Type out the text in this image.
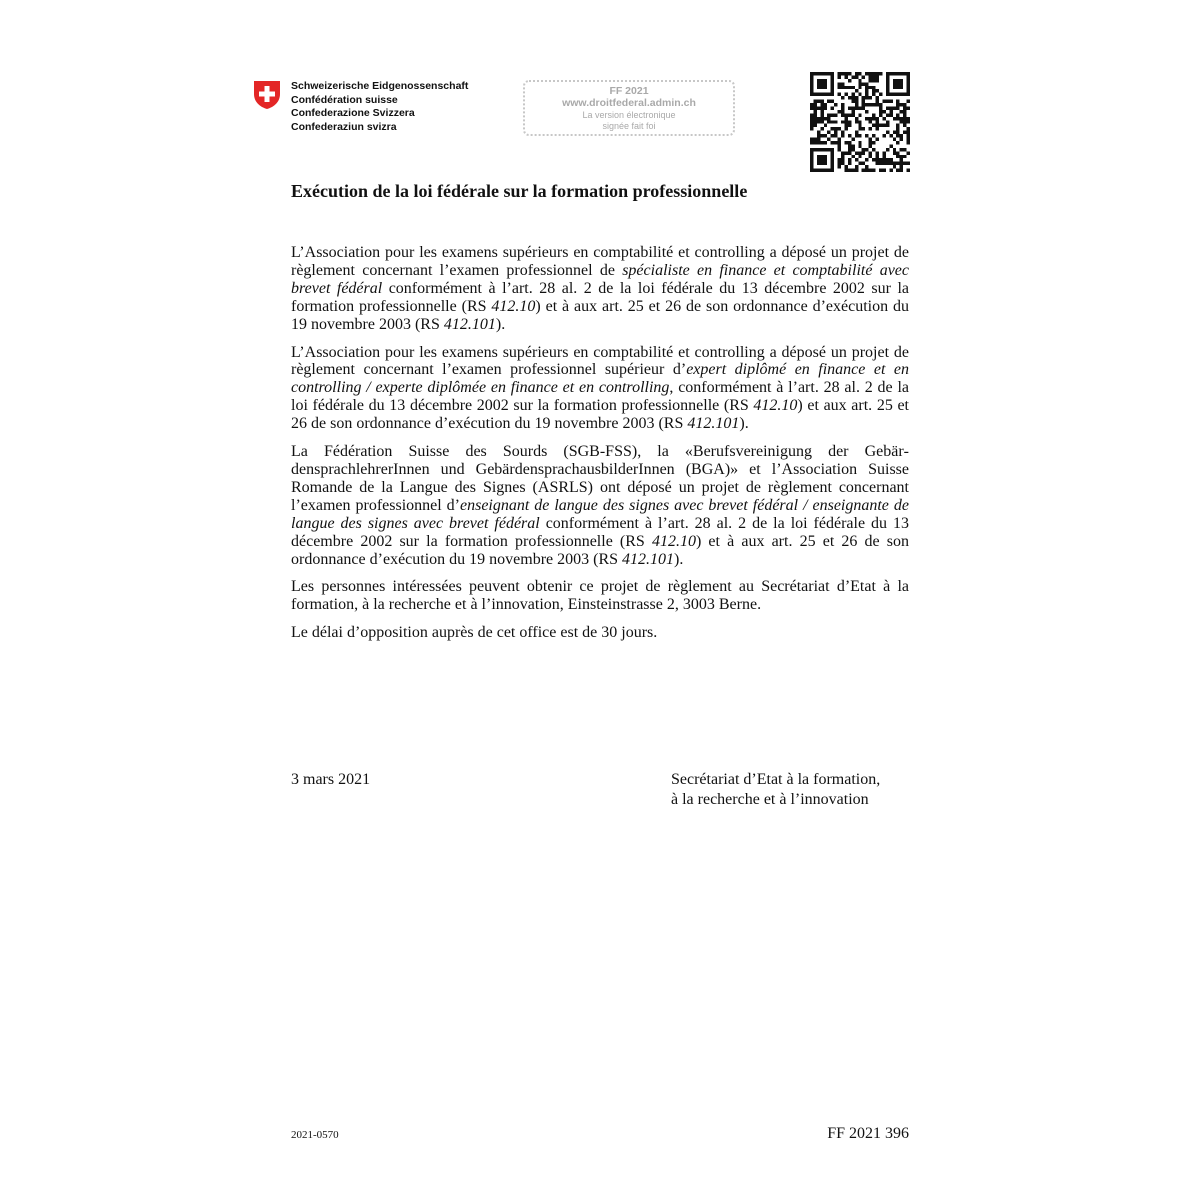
Schweizerische Eidgenossenschaft
Confédération suisse
Confederazione Svizzera
Confederaziun svizra
FF 2021
www.droitfederal.admin.ch
La version électronique
signée fait foi
Exécution de la loi fédérale sur la formation professionnelle

L’Association pour les examens supérieurs en comptabilité et controlling a déposé un projet de règlement concernant l’examen professionnel de spécialiste en finance et comptabilité avec brevet fédéral conformément à l’art. 28 al. 2 de la loi fédérale du 13 décembre 2002 sur la formation professionnelle (RS 412.10) et à aux art. 25 et 26 de son ordonnance d’exécution du 19 novembre 2003 (RS 412.101).

L’Association pour les examens supérieurs en comptabilité et controlling a déposé un projet de règlement concernant l’examen professionnel supérieur d’expert diplômé en finance et en controlling / experte diplômée en finance et en controlling, conformément à l’art. 28 al. 2 de la loi fédérale du 13 décembre 2002 sur la formation professionnelle (RS 412.10) et aux art. 25 et 26 de son ordonnance d’exécution du 19 novembre 2003 (RS 412.101).

La Fédération Suisse des Sourds (SGB-FSS), la «Berufsvereinigung der GebärdensprachlehrerInnen und GebärdensprachausbilderInnen (BGA)» et l’Association Suisse Romande de la Langue des Signes (ASRLS) ont déposé un projet de règlement concernant l’examen professionnel d’enseignant de langue des signes avec brevet fédéral / enseignante de langue des signes avec brevet fédéral conformément à l’art. 28 al. 2 de la loi fédérale du 13 décembre 2002 sur la formation professionnelle (RS 412.10) et à aux art. 25 et 26 de son ordonnance d’exécution du 19 novembre 2003 (RS 412.101).

Les personnes intéressées peuvent obtenir ce projet de règlement au Secrétariat d’Etat à la formation, à la recherche et à l’innovation, Einsteinstrasse 2, 3003 Berne.

Le délai d’opposition auprès de cet office est de 30 jours.

3 mars 2021	Secrétariat d’Etat à la formation,
à la recherche et à l’innovation
2021-0570	FF 2021 396
